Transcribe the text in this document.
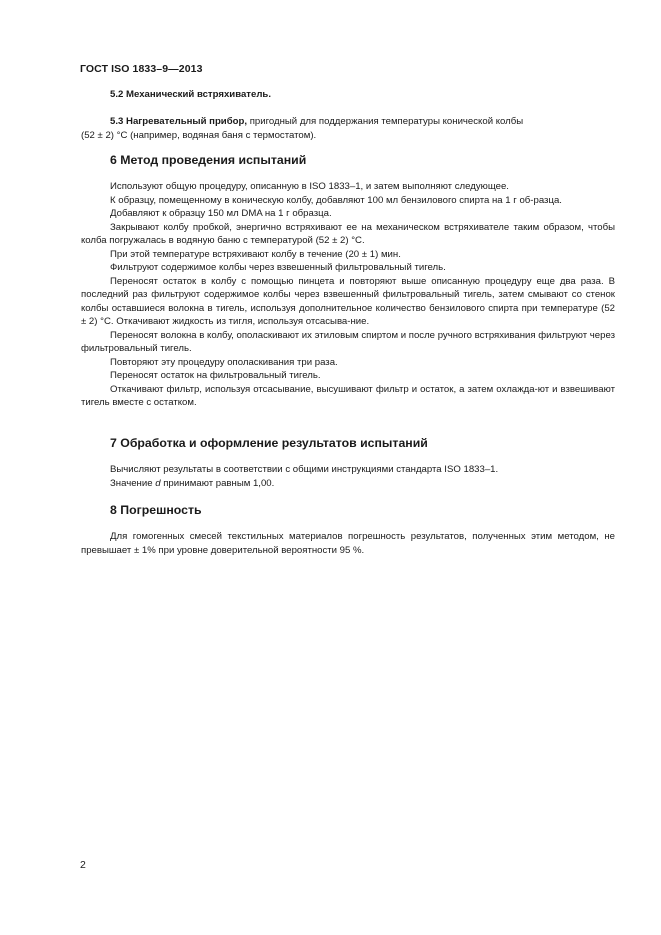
ГОСТ ISO 1833–9—2013

5.2 Механический встряхиватель.

5.3 Нагревательный прибор, пригодный для поддержания температуры конической колбы

(52 ± 2) °С (например, водяная баня с термостатом).

6 Метод проведения испытаний

Используют общую процедуру, описанную в ISO 1833–1, и затем выполняют следующее.

К образцу, помещенному в коническую колбу, добавляют 100 мл бензилового спирта на 1 г об-разца.

Добавляют к образцу 150 мл DMA на 1 г образца.

Закрывают колбу пробкой, энергично встряхивают ее на механическом встряхивателе таким образом, чтобы колба погружалась в водяную баню с температурой (52 ± 2) °С.

При этой температуре встряхивают колбу в течение (20 ± 1) мин.

Фильтруют содержимое колбы через взвешенный фильтровальный тигель.

Переносят остаток в колбу с помощью пинцета и повторяют выше описанную процедуру еще два раза. В последний раз фильтруют содержимое колбы через взвешенный фильтровальный тигель, затем смывают со стенок колбы оставшиеся волокна в тигель, используя дополнительное количество бензилового спирта при температуре (52 ± 2) °С. Откачивают жидкость из тигля, используя отсасыва-ние.

Переносят волокна в колбу, ополаскивают их этиловым спиртом и после ручного встряхивания фильтруют через фильтровальный тигель.

Повторяют эту процедуру ополаскивания три раза.

Переносят остаток на фильтровальный тигель.

Откачивают фильтр, используя отсасывание, высушивают фильтр и остаток, а затем охлажда-ют и взвешивают тигель вместе с остатком.

7 Обработка и оформление результатов испытаний

Вычисляют результаты в соответствии с общими инструкциями стандарта ISO 1833–1.

Значение d принимают равным 1,00.

8 Погрешность

Для гомогенных смесей текстильных материалов погрешность результатов, полученных этим методом, не превышает ± 1% при уровне доверительной вероятности 95 %.

2
